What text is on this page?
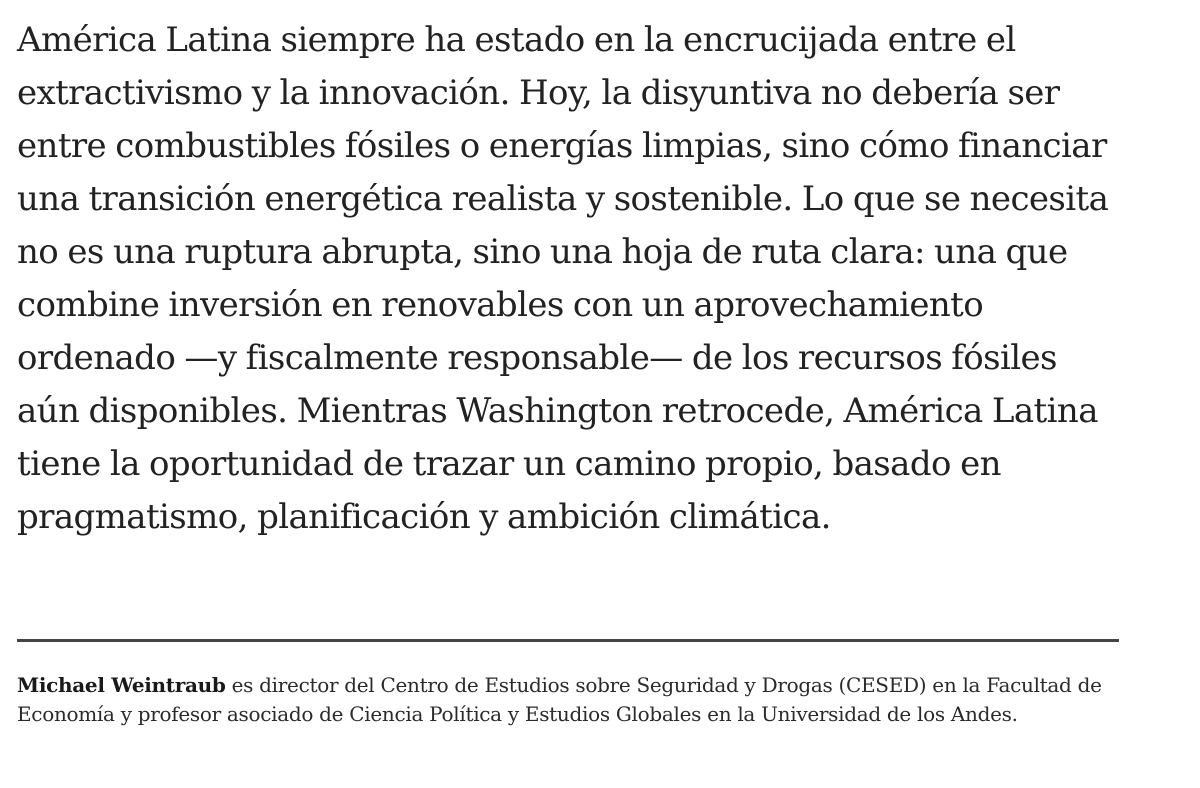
América Latina siempre ha estado en la encrucijada entre el extractivismo y la innovación. Hoy, la disyuntiva no debería ser entre combustibles fósiles o energías limpias, sino cómo financiar una transición energética realista y sostenible. Lo que se necesita no es una ruptura abrupta, sino una hoja de ruta clara: una que combine inversión en renovables con un aprovechamiento ordenado —y fiscalmente responsable— de los recursos fósiles aún disponibles. Mientras Washington retrocede, América Latina tiene la oportunidad de trazar un camino propio, basado en pragmatismo, planificación y ambición climática.

Michael Weintraub es director del Centro de Estudios sobre Seguridad y Drogas (CESED) en la Facultad de Economía y profesor asociado de Ciencia Política y Estudios Globales en la Universidad de los Andes.
